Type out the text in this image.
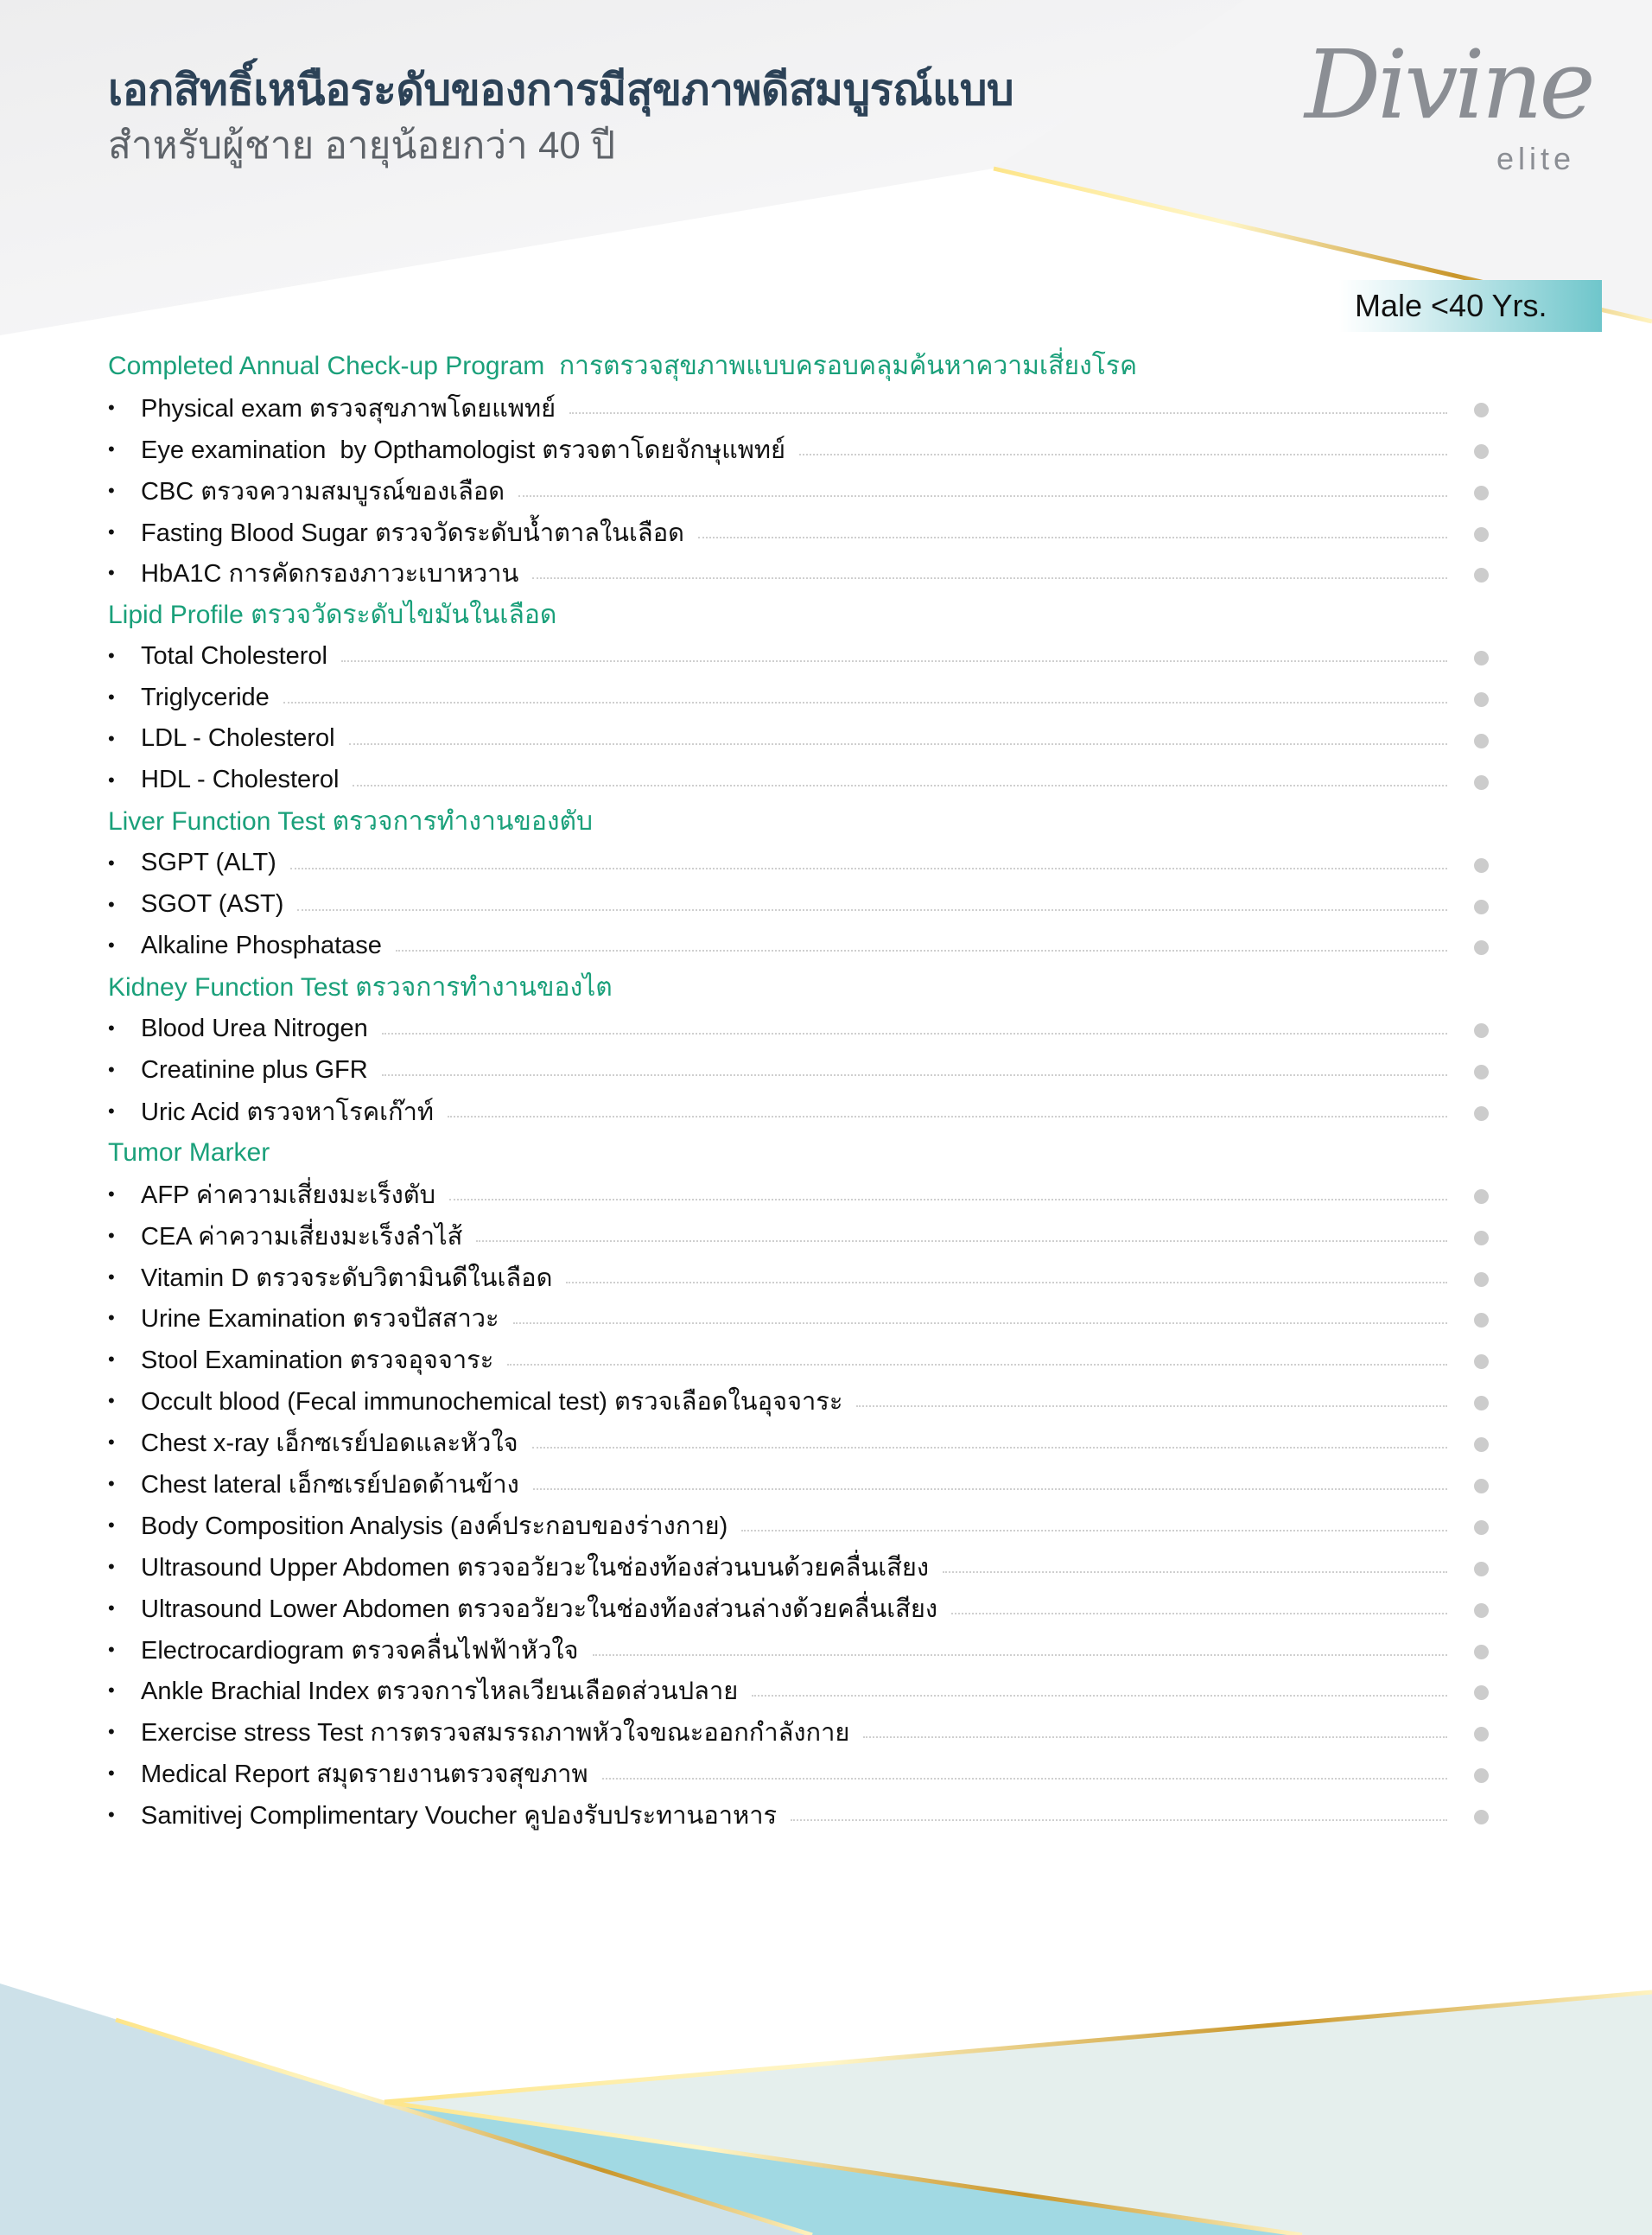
เอกสิทธิ์เหนือระดับของการมีสุขภาพดีสมบูรณ์แบบ
สำหรับผู้ชาย อายุน้อยกว่า 40 ปี
Divine
elite
Male <40 Yrs.
Completed Annual Check-up Program  การตรวจสุขภาพแบบครอบคลุมค้นหาความเสี่ยงโรค
•	Physical exam ตรวจสุขภาพโดยแพทย์
•	Eye examination  by Opthamologist ตรวจตาโดยจักษุแพทย์
•	CBC ตรวจความสมบูรณ์ของเลือด
•	Fasting Blood Sugar ตรวจวัดระดับน้ำตาลในเลือด
•	HbA1C การคัดกรองภาวะเบาหวาน
Lipid Profile ตรวจวัดระดับไขมันในเลือด
•	Total Cholesterol
•	Triglyceride
•	LDL - Cholesterol
•	HDL - Cholesterol
Liver Function Test ตรวจการทำงานของตับ
•	SGPT (ALT)
•	SGOT (AST)
•	Alkaline Phosphatase
Kidney Function Test ตรวจการทำงานของไต
•	Blood Urea Nitrogen
•	Creatinine plus GFR
•	Uric Acid ตรวจหาโรคเก๊าท์
Tumor Marker
•	AFP ค่าความเสี่ยงมะเร็งตับ
•	CEA ค่าความเสี่ยงมะเร็งลำไส้
•	Vitamin D ตรวจระดับวิตามินดีในเลือด
•	Urine Examination ตรวจปัสสาวะ
•	Stool Examination ตรวจอุจจาระ
•	Occult blood (Fecal immunochemical test) ตรวจเลือดในอุจจาระ
•	Chest x-ray เอ็กซเรย์ปอดและหัวใจ
•	Chest lateral เอ็กซเรย์ปอดด้านข้าง
•	Body Composition Analysis (องค์ประกอบของร่างกาย)
•	Ultrasound Upper Abdomen ตรวจอวัยวะในช่องท้องส่วนบนด้วยคลื่นเสียง
•	Ultrasound Lower Abdomen ตรวจอวัยวะในช่องท้องส่วนล่างด้วยคลื่นเสียง
•	Electrocardiogram ตรวจคลื่นไฟฟ้าหัวใจ
•	Ankle Brachial Index ตรวจการไหลเวียนเลือดส่วนปลาย
•	Exercise stress Test การตรวจสมรรถภาพหัวใจขณะออกกำลังกาย
•	Medical Report สมุดรายงานตรวจสุขภาพ
•	Samitivej Complimentary Voucher คูปองรับประทานอาหาร
